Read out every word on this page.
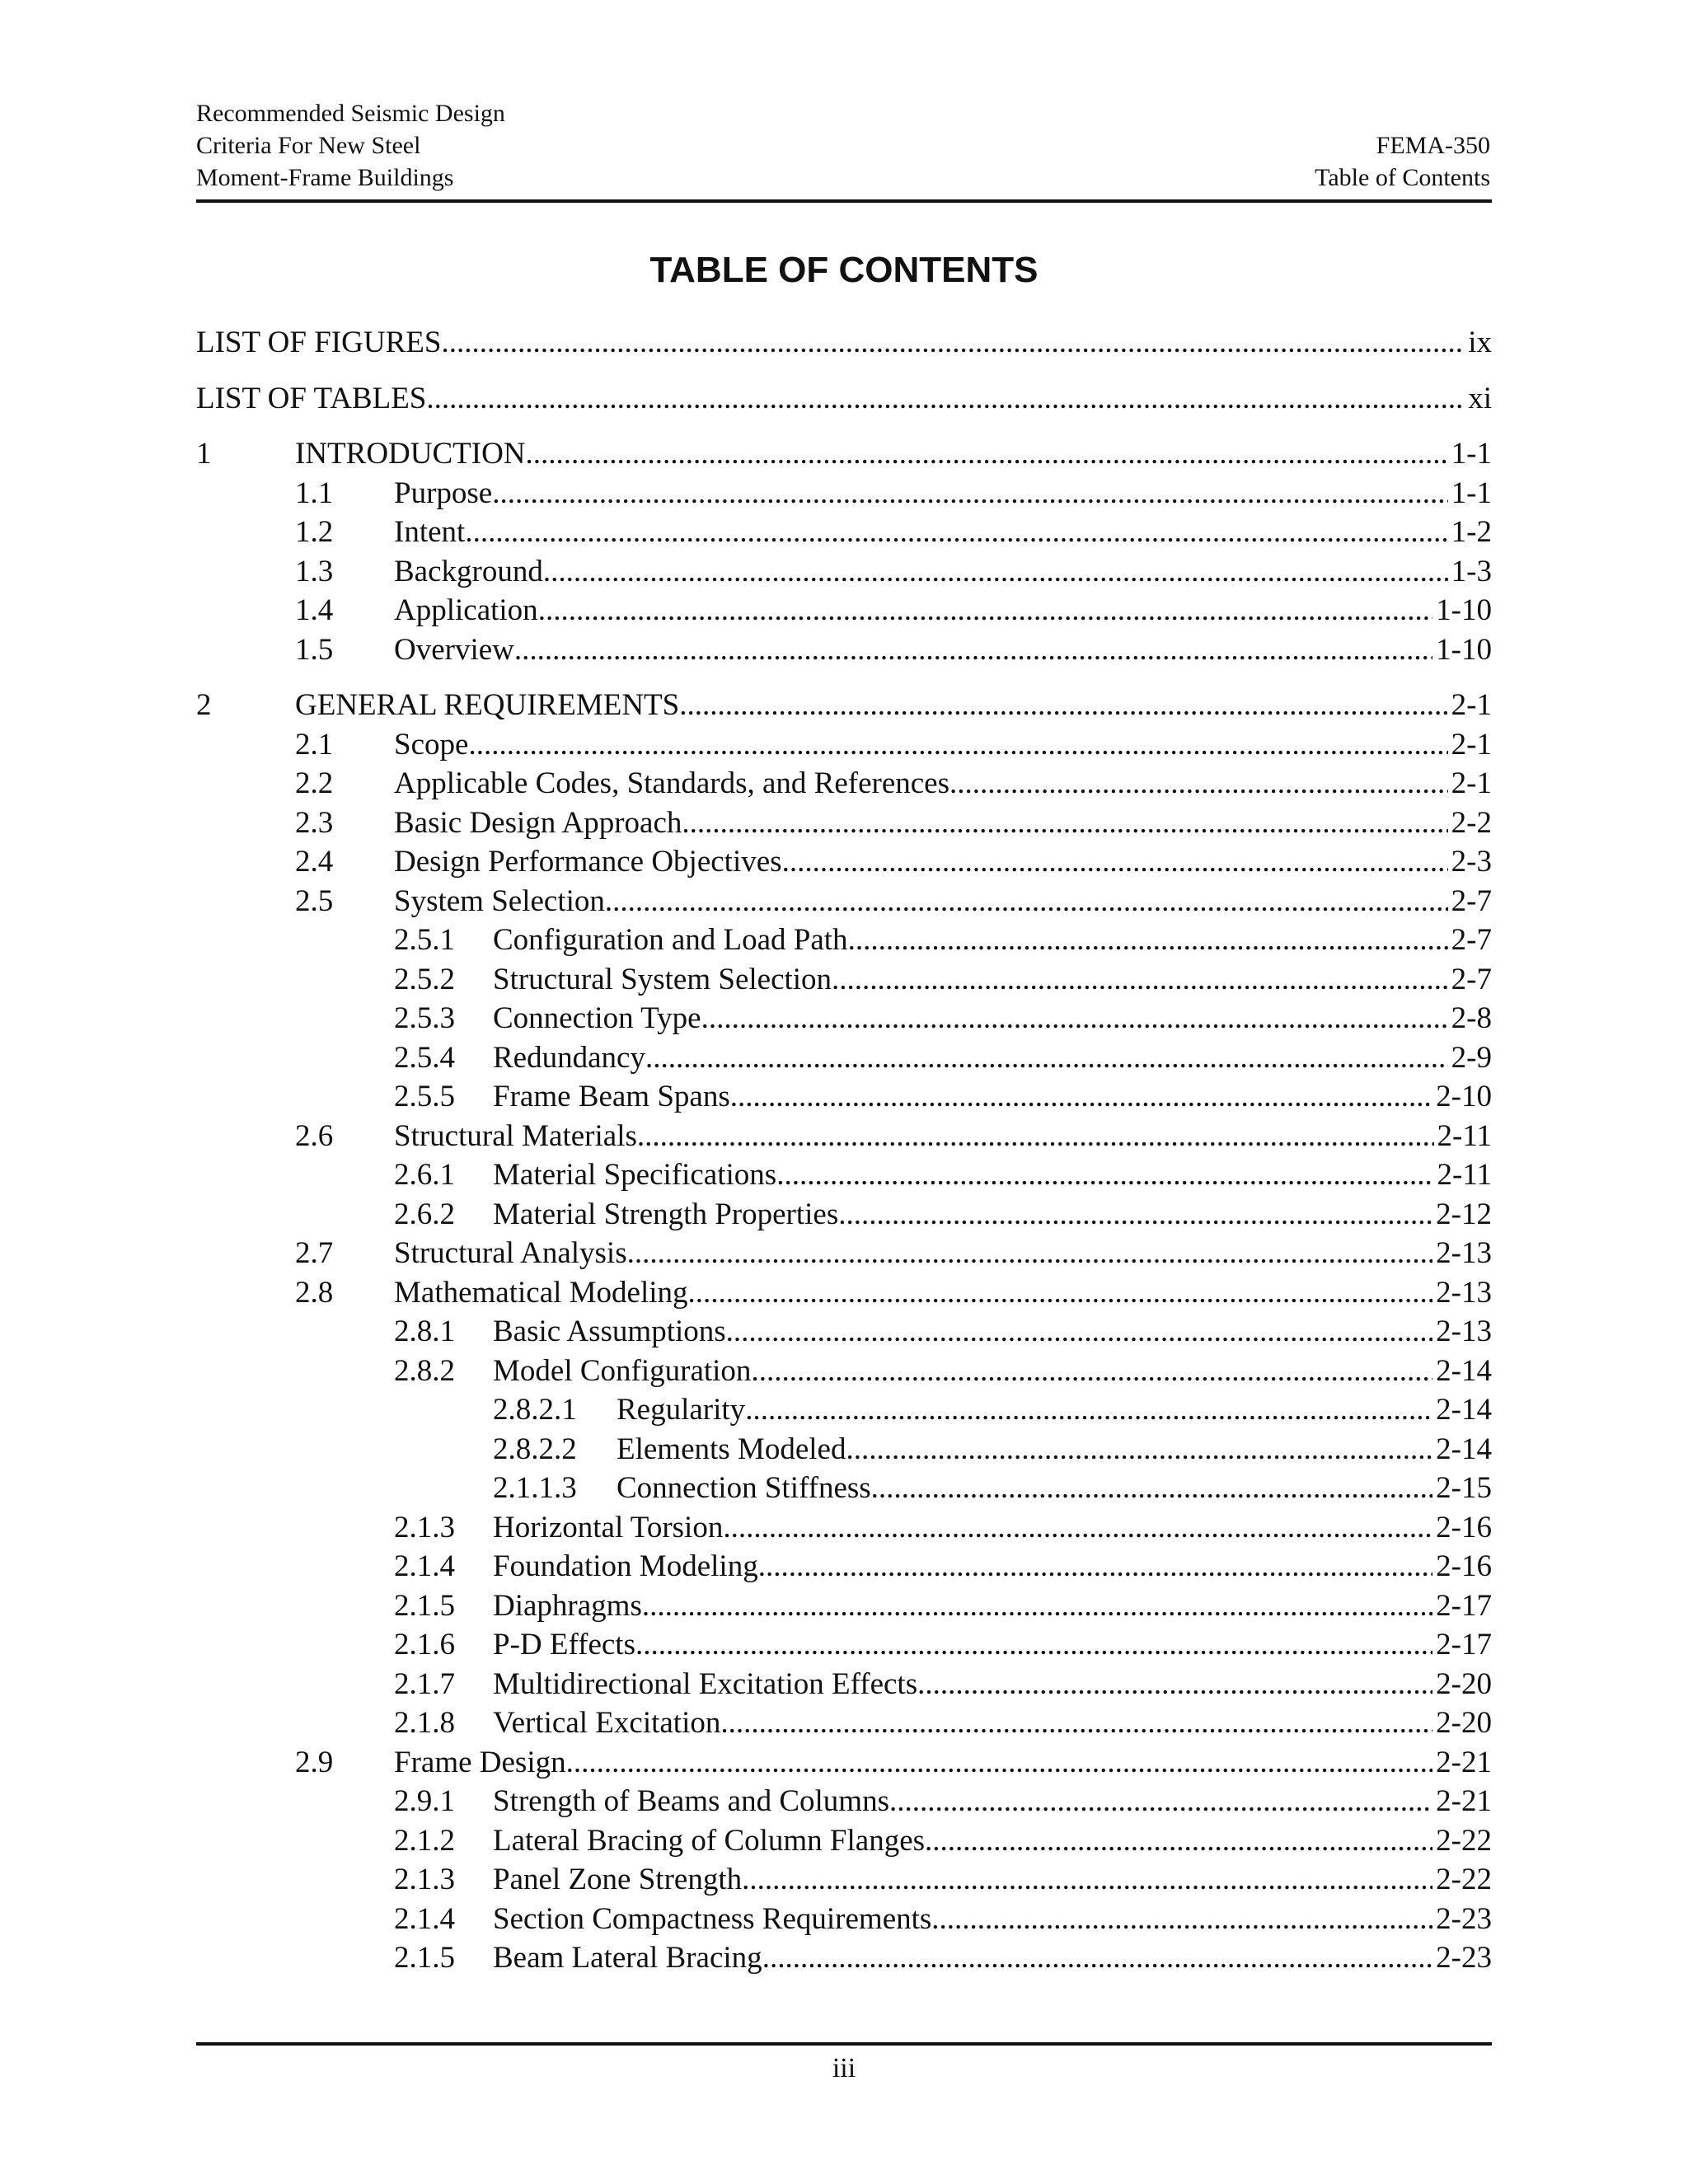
Recommended Seismic Design
Criteria For New Steel
Moment-Frame Buildings
FEMA-350
Table of Contents
TABLE OF CONTENTS
LIST OF FIGURES .....	ix
LIST OF TABLES .....	xi
1	INTRODUCTION .....	1-1
1.1 Purpose .....	1-1
1.2 Intent .....	1-2
1.3 Background .....	1-3
1.4 Application .....	1-10
1.5 Overview .....	1-10
2	GENERAL REQUIREMENTS .....	2-1
2.1 Scope .....	2-1
2.2 Applicable Codes, Standards, and References .....	2-1
2.3 Basic Design Approach .....	2-2
2.4 Design Performance Objectives .....	2-3
2.5 System Selection .....	2-7
2.5.1 Configuration and Load Path .....	2-7
2.5.2 Structural System Selection .....	2-7
2.5.3 Connection Type .....	2-8
2.5.4 Redundancy .....	2-9
2.5.5 Frame Beam Spans .....	2-10
2.6 Structural Materials .....	2-11
2.6.1 Material Specifications .....	2-11
2.6.2 Material Strength Properties .....	2-12
2.7 Structural Analysis .....	2-13
2.8 Mathematical Modeling .....	2-13
2.8.1 Basic Assumptions .....	2-13
2.8.2 Model Configuration .....	2-14
2.8.2.1 Regularity .....	2-14
2.8.2.2 Elements Modeled .....	2-14
2.1.1.3 Connection Stiffness .....	2-15
2.1.3 Horizontal Torsion .....	2-16
2.1.4 Foundation Modeling .....	2-16
2.1.5 Diaphragms .....	2-17
2.1.6 P-D Effects .....	2-17
2.1.7 Multidirectional Excitation Effects .....	2-20
2.1.8 Vertical Excitation .....	2-20
2.9 Frame Design .....	2-21
2.9.1 Strength of Beams and Columns .....	2-21
2.1.2 Lateral Bracing of Column Flanges .....	2-22
2.1.3 Panel Zone Strength .....	2-22
2.1.4 Section Compactness Requirements .....	2-23
2.1.5 Beam Lateral Bracing .....	2-23
iii
